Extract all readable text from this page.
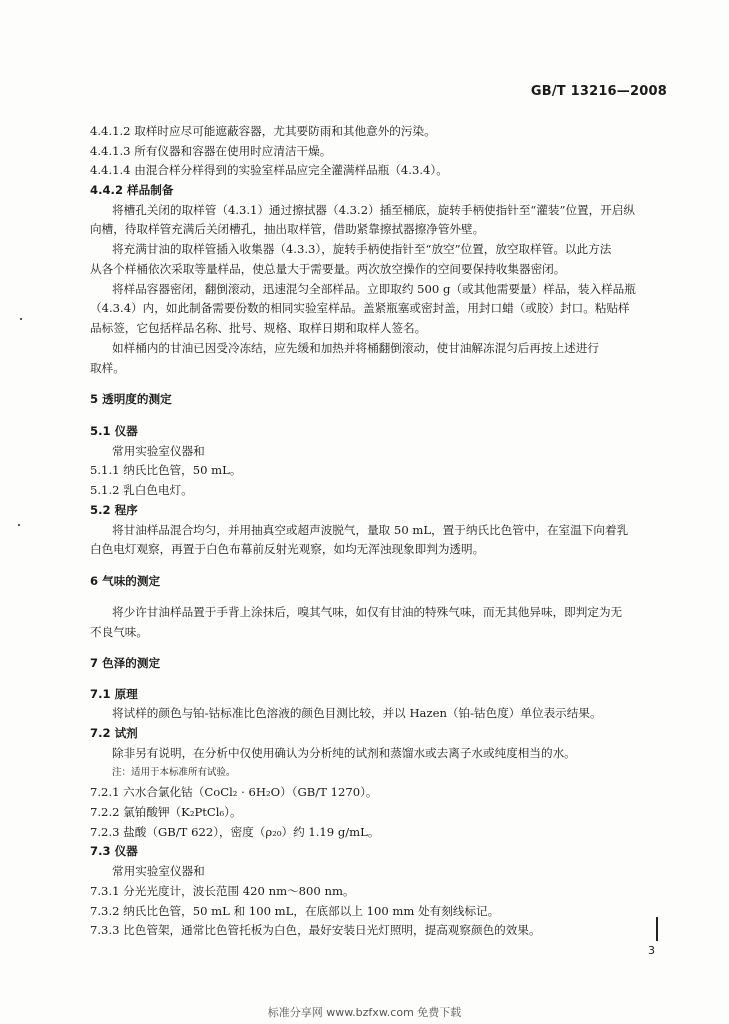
GB/T 13216—2008
4.4.1.2 取样时应尽可能遮蔽容器，尤其要防雨和其他意外的污染。
4.4.1.3 所有仪器和容器在使用时应清洁干燥。
4.4.1.4 由混合样分样得到的实验室样品应完全灌满样品瓶（4.3.4）。
4.4.2 样品制备
将槽孔关闭的取样管（4.3.1）通过擦拭器（4.3.2）插至桶底，旋转手柄使指针至“灌装”位置，开启纵
向槽，待取样管充满后关闭槽孔，抽出取样管，借助紧靠擦拭器擦净管外壁。
将充满甘油的取样管插入收集器（4.3.3），旋转手柄使指针至“放空”位置，放空取样管。以此方法
从各个样桶依次采取等量样品，使总量大于需要量。两次放空操作的空间要保持收集器密闭。
将样品容器密闭，翻倒滚动，迅速混匀全部样品。立即取约 500 g（或其他需要量）样品，装入样品瓶
（4.3.4）内，如此制备需要份数的相同实验室样品。盖紧瓶塞或密封盖，用封口蜡（或胶）封口。粘贴样
品标签，它包括样品名称、批号、规格、取样日期和取样人签名。
如样桶内的甘油已因受冷冻结，应先缓和加热并将桶翻倒滚动，使甘油解冻混匀后再按上述进行
取样。
5 透明度的测定
5.1 仪器
常用实验室仪器和
5.1.1 纳氏比色管，50 mL。
5.1.2 乳白色电灯。
5.2 程序
将甘油样品混合均匀，并用抽真空或超声波脱气，量取 50 mL，置于纳氏比色管中，在室温下向着乳
白色电灯观察，再置于白色布幕前反射光观察，如均无浑浊现象即判为透明。
6 气味的测定
将少许甘油样品置于手背上涂抹后，嗅其气味，如仅有甘油的特殊气味，而无其他异味，即判定为无
不良气味。
7 色泽的测定
7.1 原理
将试样的颜色与铂-钴标准比色溶液的颜色目测比较，并以 Hazen（铂-钴色度）单位表示结果。
7.2 试剂
除非另有说明，在分析中仅使用确认为分析纯的试剂和蒸馏水或去离子水或纯度相当的水。
注：适用于本标准所有试验。
7.2.1 六水合氯化钴（CoCl₂ · 6H₂O）（GB/T 1270）。
7.2.2 氯铂酸钾（K₂PtCl₆）。
7.2.3 盐酸（GB/T 622），密度（ρ₂₀）约 1.19 g/mL。
7.3 仪器
常用实验室仪器和
7.3.1 分光光度计，波长范围 420 nm～800 nm。
7.3.2 纳氏比色管，50 mL 和 100 mL，在底部以上 100 mm 处有刻线标记。
7.3.3 比色管架，通常比色管托板为白色，最好安装日光灯照明，提高观察颜色的效果。
3
标准分享网 www.bzfxw.com 免费下载
